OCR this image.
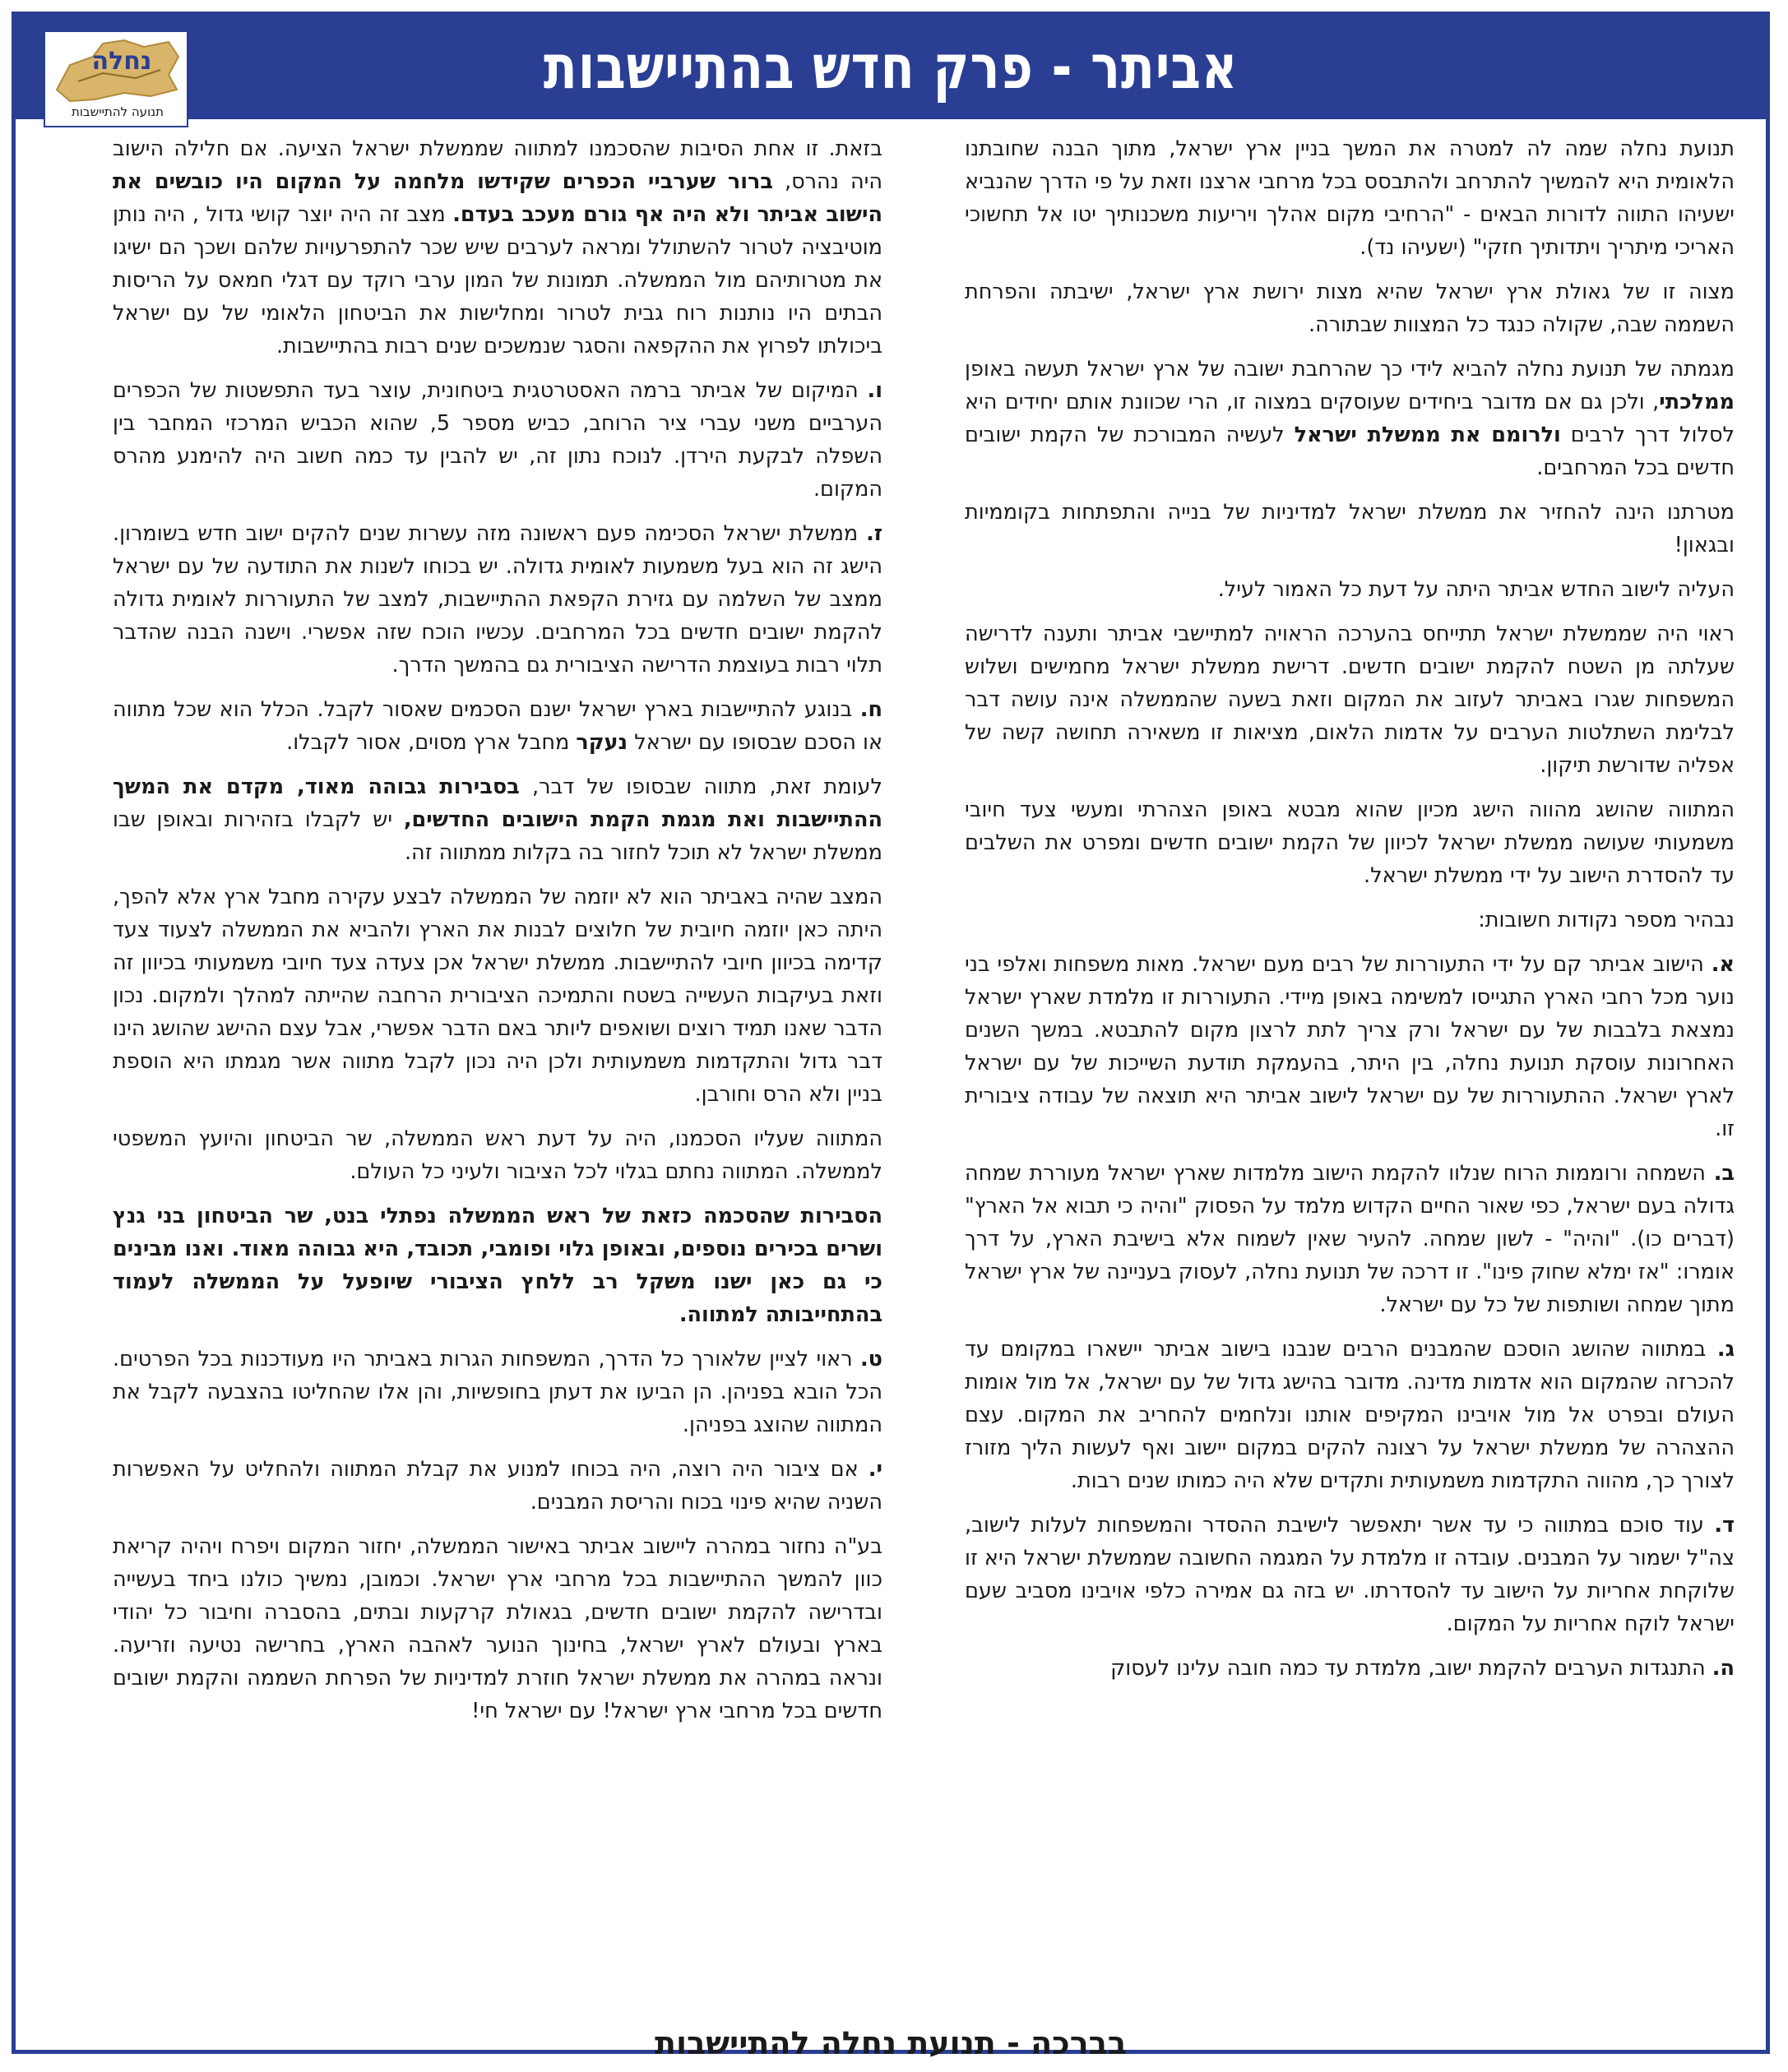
אביתר - פרק חדש בהתיישבות
נחלה
תנועה להתיישבות

תנועת נחלה שמה לה למטרה את המשך בניין ארץ ישראל, מתוך הבנה שחובתנו הלאומית היא להמשיך להתרחב ולהתבסס בכל מרחבי ארצנו וזאת על פי הדרך שהנביא ישעיהו התווה לדורות הבאים - "הרחיבי מקום אהלך ויריעות משכנותיך יטו אל תחשוכי האריכי מיתריך ויתדותיך חזקי" (ישעיהו נד).

מצוה זו של גאולת ארץ ישראל שהיא מצות ירושת ארץ ישראל, ישיבתה והפרחת השממה שבה, שקולה כנגד כל המצוות שבתורה.

מגמתה של תנועת נחלה להביא לידי כך שהרחבת ישובה של ארץ ישראל תעשה באופן ממלכתי, ולכן גם אם מדובר ביחידים שעוסקים במצוה זו, הרי שכוונת אותם יחידים היא לסלול דרך לרבים ולרומם את ממשלת ישראל לעשיה המבורכת של הקמת ישובים חדשים בכל המרחבים.

מטרתנו הינה להחזיר את ממשלת ישראל למדיניות של בנייה והתפתחות בקוממיות ובגאון!

העליה לישוב החדש אביתר היתה על דעת כל האמור לעיל.

ראוי היה שממשלת ישראל תתייחס בהערכה הראויה למתיישבי אביתר ותענה לדרישה שעלתה מן השטח להקמת ישובים חדשים. דרישת ממשלת ישראל מחמישים ושלוש המשפחות שגרו באביתר לעזוב את המקום וזאת בשעה שהממשלה אינה עושה דבר לבלימת השתלטות הערבים על אדמות הלאום, מציאות זו משאירה תחושה קשה של אפליה שדורשת תיקון.

המתווה שהושג מהווה הישג מכיון שהוא מבטא באופן הצהרתי ומעשי צעד חיובי משמעותי שעושה ממשלת ישראל לכיוון של הקמת ישובים חדשים ומפרט את השלבים עד להסדרת הישוב על ידי ממשלת ישראל.

נבהיר מספר נקודות חשובות:

א. הישוב אביתר קם על ידי התעוררות של רבים מעם ישראל. מאות משפחות ואלפי בני נוער מכל רחבי הארץ התגייסו למשימה באופן מיידי. התעוררות זו מלמדת שארץ ישראל נמצאת בלבבות של עם ישראל ורק צריך לתת לרצון מקום להתבטא. במשך השנים האחרונות עוסקת תנועת נחלה, בין היתר, בהעמקת תודעת השייכות של עם ישראל לארץ ישראל. ההתעוררות של עם ישראל לישוב אביתר היא תוצאה של עבודה ציבורית זו.

ב. השמחה ורוממות הרוח שנלוו להקמת הישוב מלמדות שארץ ישראל מעוררת שמחה גדולה בעם ישראל, כפי שאור החיים הקדוש מלמד על הפסוק "והיה כי תבוא אל הארץ" (דברים כו). "והיה" - לשון שמחה. להעיר שאין לשמוח אלא בישיבת הארץ, על דרך אומרו: "אז ימלא שחוק פינו". זו דרכה של תנועת נחלה, לעסוק בעניינה של ארץ ישראל מתוך שמחה ושותפות של כל עם ישראל.

ג. במתווה שהושג הוסכם שהמבנים הרבים שנבנו בישוב אביתר יישארו במקומם עד להכרזה שהמקום הוא אדמות מדינה. מדובר בהישג גדול של עם ישראל, אל מול אומות העולם ובפרט אל מול אויבינו המקיפים אותנו ונלחמים להחריב את המקום. עצם ההצהרה של ממשלת ישראל על רצונה להקים במקום יישוב ואף לעשות הליך מזורז לצורך כך, מהווה התקדמות משמעותית ותקדים שלא היה כמותו שנים רבות.

ד. עוד סוכם במתווה כי עד אשר יתאפשר לישיבת ההסדר והמשפחות לעלות לישוב, צה"ל ישמור על המבנים. עובדה זו מלמדת על המגמה החשובה שממשלת ישראל היא זו שלוקחת אחריות על הישוב עד להסדרתו. יש בזה גם אמירה כלפי אויבינו מסביב שעם ישראל לוקח אחריות על המקום.

ה. התנגדות הערבים להקמת ישוב, מלמדת עד כמה חובה עלינו לעסוק

בזאת. זו אחת הסיבות שהסכמנו למתווה שממשלת ישראל הציעה. אם חלילה הישוב היה נהרס, ברור שערביי הכפרים שקידשו מלחמה על המקום היו כובשים את הישוב אביתר ולא היה אף גורם מעכב בעדם. מצב זה היה יוצר קושי גדול , היה נותן מוטיבציה לטרור להשתולל ומראה לערבים שיש שכר להתפרעויות שלהם ושכך הם ישיגו את מטרותיהם מול הממשלה. תמונות של המון ערבי רוקד עם דגלי חמאס על הריסות הבתים היו נותנות רוח גבית לטרור ומחלישות את הביטחון הלאומי של עם ישראל ביכולתו לפרוץ את ההקפאה והסגר שנמשכים שנים רבות בהתיישבות.

ו. המיקום של אביתר ברמה האסטרטגית ביטחונית, עוצר בעד התפשטות של הכפרים הערביים משני עברי ציר הרוחב, כביש מספר 5, שהוא הכביש המרכזי המחבר בין השפלה לבקעת הירדן. לנוכח נתון זה, יש להבין עד כמה חשוב היה להימנע מהרס המקום.

ז. ממשלת ישראל הסכימה פעם ראשונה מזה עשרות שנים להקים ישוב חדש בשומרון. הישג זה הוא בעל משמעות לאומית גדולה. יש בכוחו לשנות את התודעה של עם ישראל ממצב של השלמה עם גזירת הקפאת ההתיישבות, למצב של התעוררות לאומית גדולה להקמת ישובים חדשים בכל המרחבים. עכשיו הוכח שזה אפשרי. וישנה הבנה שהדבר תלוי רבות בעוצמת הדרישה הציבורית גם בהמשך הדרך.

ח. בנוגע להתיישבות בארץ ישראל ישנם הסכמים שאסור לקבל. הכלל הוא שכל מתווה או הסכם שבסופו עם ישראל נעקר מחבל ארץ מסוים, אסור לקבלו.

לעומת זאת, מתווה שבסופו של דבר, בסבירות גבוהה מאוד, מקדם את המשך ההתיישבות ואת מגמת הקמת הישובים החדשים, יש לקבלו בזהירות ובאופן שבו ממשלת ישראל לא תוכל לחזור בה בקלות ממתווה זה.

המצב שהיה באביתר הוא לא יוזמה של הממשלה לבצע עקירה מחבל ארץ אלא להפך, היתה כאן יוזמה חיובית של חלוצים לבנות את הארץ ולהביא את הממשלה לצעוד צעד קדימה בכיוון חיובי להתיישבות. ממשלת ישראל אכן צעדה צעד חיובי משמעותי בכיוון זה וזאת בעיקבות העשייה בשטח והתמיכה הציבורית הרחבה שהייתה למהלך ולמקום. נכון הדבר שאנו תמיד רוצים ושואפים ליותר באם הדבר אפשרי, אבל עצם ההישג שהושג הינו דבר גדול והתקדמות משמעותית ולכן היה נכון לקבל מתווה אשר מגמתו היא הוספת בניין ולא הרס וחורבן.

המתווה שעליו הסכמנו, היה על דעת ראש הממשלה, שר הביטחון והיועץ המשפטי לממשלה. המתווה נחתם בגלוי לכל הציבור ולעיני כל העולם.

הסבירות שהסכמה כזאת של ראש הממשלה נפתלי בנט, שר הביטחון בני גנץ ושרים בכירים נוספים, ובאופן גלוי ופומבי, תכובד, היא גבוהה מאוד. ואנו מבינים כי גם כאן ישנו משקל רב ללחץ הציבורי שיופעל על הממשלה לעמוד בהתחייבותה למתווה.

ט. ראוי לציין שלאורך כל הדרך, המשפחות הגרות באביתר היו מעודכנות בכל הפרטים. הכל הובא בפניהן. הן הביעו את דעתן בחופשיות, והן אלו שהחליטו בהצבעה לקבל את המתווה שהוצג בפניהן.

י. אם ציבור היה רוצה, היה בכוחו למנוע את קבלת המתווה ולהחליט על האפשרות השניה שהיא פינוי בכוח והריסת המבנים.

בע"ה נחזור במהרה ליישוב אביתר באישור הממשלה, יחזור המקום ויפרח ויהיה קריאת כוון להמשך ההתיישבות בכל מרחבי ארץ ישראל. וכמובן, נמשיך כולנו ביחד בעשייה ובדרישה להקמת ישובים חדשים, בגאולת קרקעות ובתים, בהסברה וחיבור כל יהודי בארץ ובעולם לארץ ישראל, בחינוך הנוער לאהבה הארץ, בחרישה נטיעה וזריעה. ונראה במהרה את ממשלת ישראל חוזרת למדיניות של הפרחת השממה והקמת ישובים חדשים בכל מרחבי ארץ ישראל! עם ישראל חי!

בברכה - תנועת נחלה להתיישבות
